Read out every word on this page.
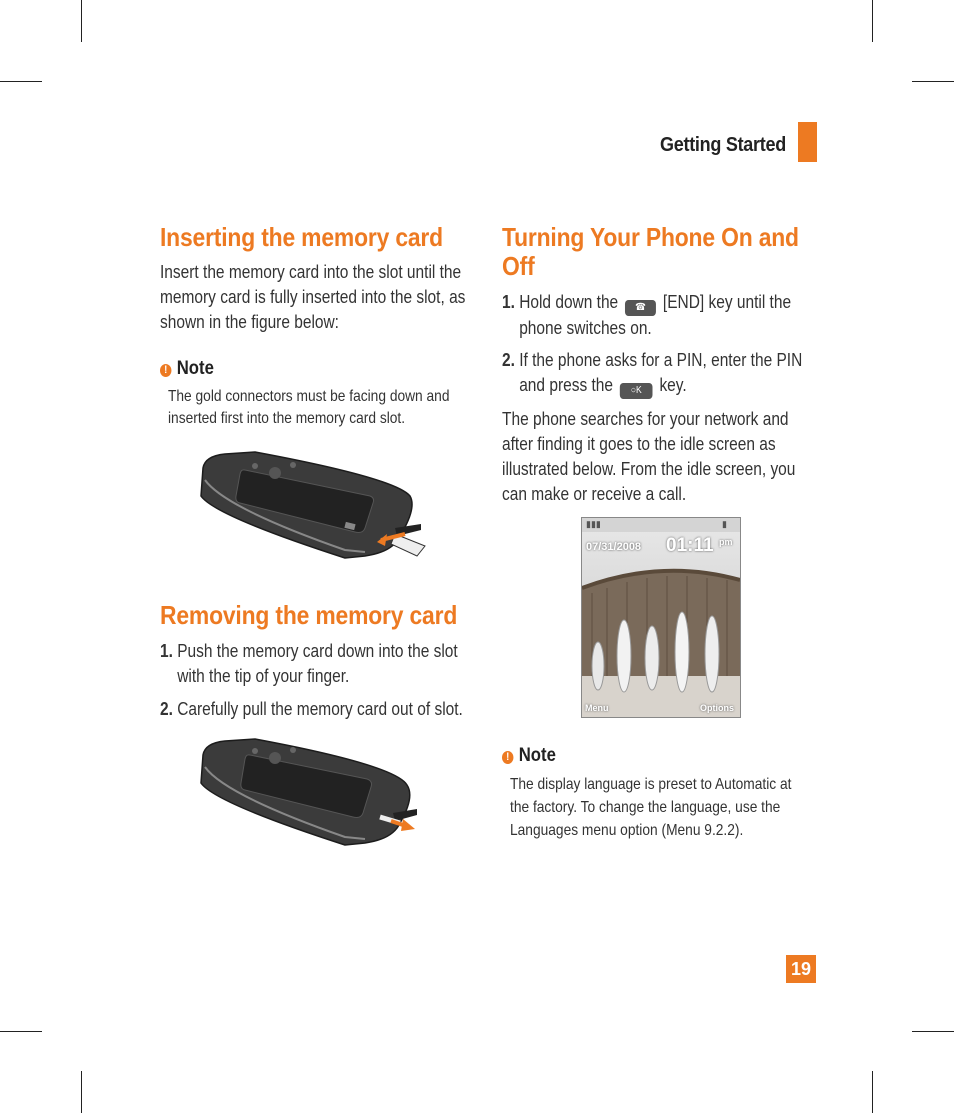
Getting Started
Inserting the memory card
Insert the memory card into the slot until the memory card is fully inserted into the slot, as shown in the figure below:
! Note
The gold connectors must be facing down and inserted first into the memory card slot.
Removing the memory card
1. Push the memory card down into the slot with the tip of your finger.
2. Carefully pull the memory card out of slot.
Turning Your Phone On and Off
1. Hold down the ☎ [END] key until the phone switches on.
2. If the phone asks for a PIN, enter the PIN and press the ○K key.
The phone searches for your network and after finding it goes to the idle screen as illustrated below. From the idle screen, you can make or receive a call.
▮▮▮	▮
07/31/2008 01:11 pm
Menu	Options
! Note
The display language is preset to Automatic at the factory. To change the language, use the Languages menu option (Menu 9.2.2).
19
